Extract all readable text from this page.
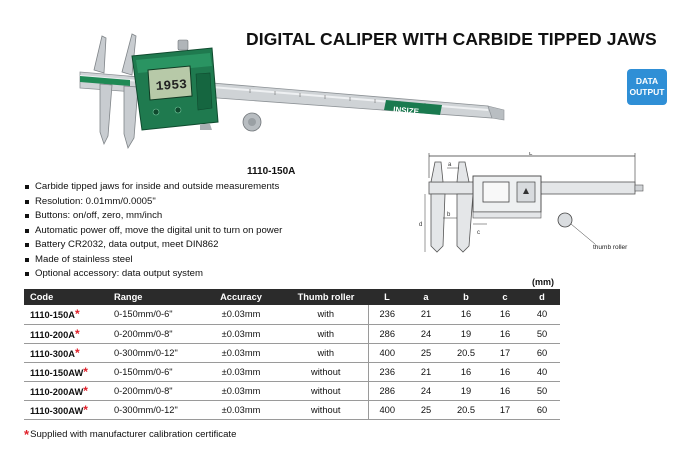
DIGITAL CALIPER WITH CARBIDE TIPPED JAWS
DATA
OUTPUT
INSIZE
1953
1110-150A
L
a
d
b
c
thumb roller
Carbide tipped jaws for inside and outside measurements
Resolution: 0.01mm/0.0005"
Buttons: on/off, zero, mm/inch
Automatic power off, move the digital unit to turn on power
Battery CR2032, data output, meet DIN862
Made of stainless steel
Optional accessory: data output system
(mm)
Code	Range	Accuracy	Thumb roller	L	a	b	c	d
1110-150A*	0-150mm/0-6"	±0.03mm	with	236	21	16	16	40
1110-200A*	0-200mm/0-8"	±0.03mm	with	286	24	19	16	50
1110-300A*	0-300mm/0-12"	±0.03mm	with	400	25	20.5	17	60
1110-150AW*	0-150mm/0-6"	±0.03mm	without	236	21	16	16	40
1110-200AW*	0-200mm/0-8"	±0.03mm	without	286	24	19	16	50
1110-300AW*	0-300mm/0-12"	±0.03mm	without	400	25	20.5	17	60
*Supplied with manufacturer calibration certificate
